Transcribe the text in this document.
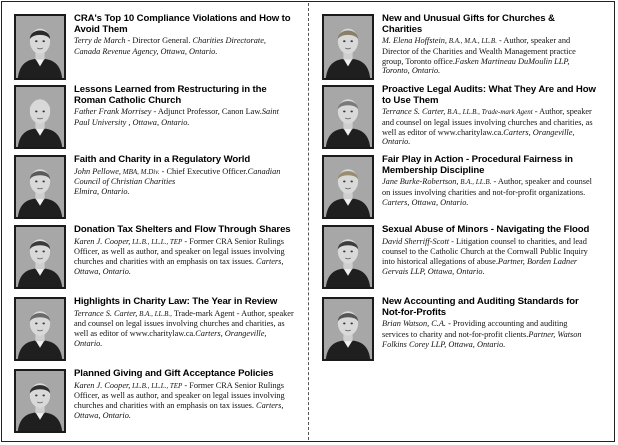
CRA's Top 10 Compliance Violations and How to Avoid Them
Terry de March - Director General. Charities Directorate, Canada Revenue Agency, Ottawa, Ontario.
Lessons Learned from Restructuring in the Roman Catholic Church
Father Frank Morrisey - Adjunct Professor, Canon Law.Saint Paul University , Ottawa, Ontario.
Faith and Charity in a Regulatory World
John Pellowe, MBA, M.Div. - Chief Executive Officer.Canadian Council of Christian Charities
Elmira, Ontario.
Donation Tax Shelters and Flow Through Shares
Karen J. Cooper, LL.B., LL.L., TEP - Former CRA Senior Rulings Officer, as well as author, and speaker on legal issues involving churches and charities with an emphasis on tax issues. Carters, Ottawa, Ontario.
Highlights in Charity Law: The Year in Review
Terrance S. Carter, B.A., LL.B., Trade-mark Agent - Author, speaker and counsel on legal issues involving churches and charities, as well as editor of www.charitylaw.ca.Carters, Orangeville, Ontario.
Planned Giving and Gift Acceptance Policies
Karen J. Cooper, LL.B., LL.L., TEP - Former CRA Senior Rulings Officer, as well as author, and speaker on legal issues involving churches and charities with an emphasis on tax issues. Carters, Ottawa, Ontario.
New and Unusual Gifts for Churches & Charities
M. Elena Hoffstein, B.A., M.A., LL.B. - Author, speaker and Director of the Charities and Wealth Management practice group, Toronto office.Fasken Martineau DuMoulin LLP, Toronto, Ontario.
Proactive Legal Audits: What They Are and How to Use Them
Terrance S. Carter, B.A., LL.B., Trade-mark Agent - Author, speaker and counsel on legal issues involving churches and charities, as well as editor of www.charitylaw.ca.Carters, Orangeville, Ontario.
Fair Play in Action - Procedural Fairness in Membership Discipline
Jane Burke-Robertson, B.A., LL.B. - Author, speaker and counsel on issues involving charities and not-for-profit organizations. Carters, Ottawa, Ontario.
Sexual Abuse of Minors - Navigating the Flood
David Sherriff-Scott - Litigation counsel to charities, and lead counsel to the Catholic Church at the Cornwall Public Inquiry into historical allegations of abuse.Partner, Borden Ladner Gervais LLP, Ottawa, Ontario.
New Accounting and Auditing Standards for Not-for-Profits
Brian Watson, C.A. - Providing accounting and auditing services to charity and not-for-profit clients.Partner, Watson Folkins Corey LLP, Ottawa, Ontario.
